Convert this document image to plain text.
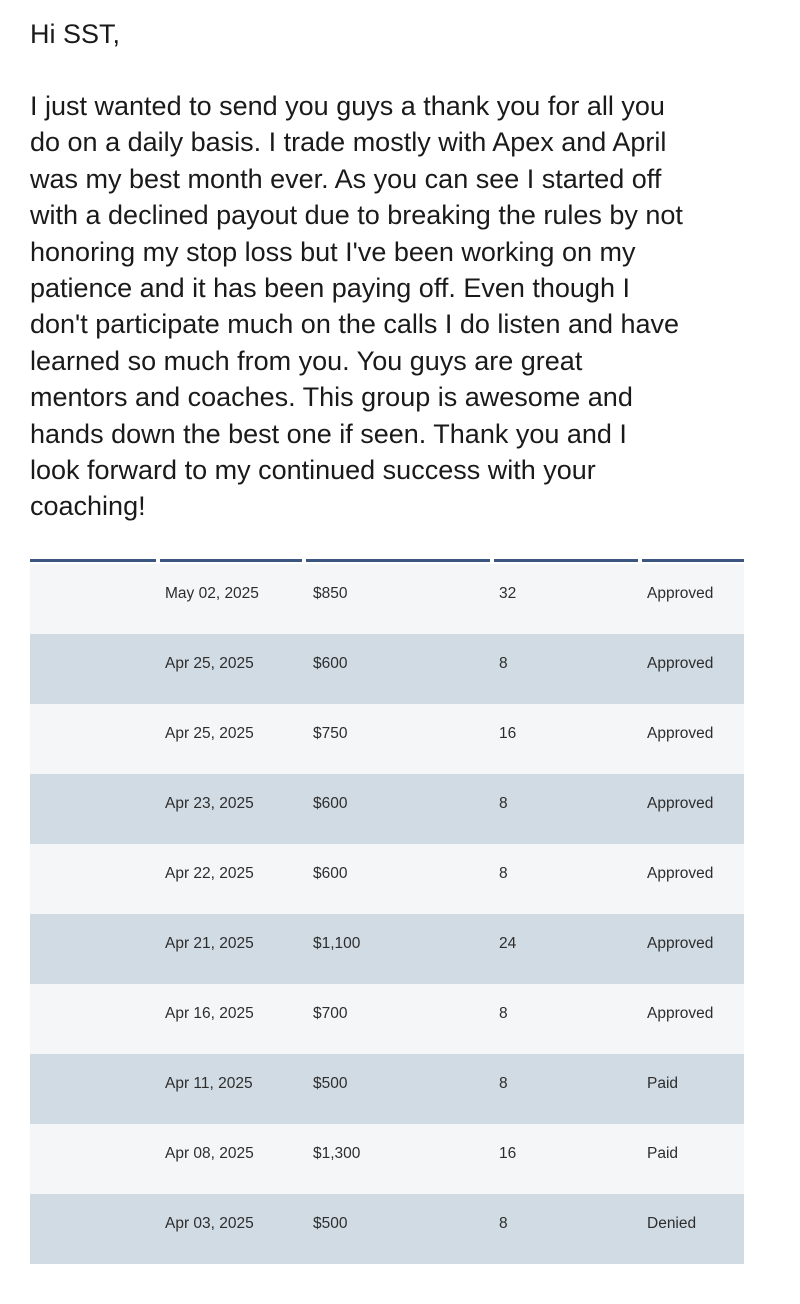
Hi SST,
I just wanted to send you guys a thank you for all you
do on a daily basis. I trade mostly with Apex and April
was my best month ever. As you can see I started off
with a declined payout due to breaking the rules by not
honoring my stop loss but I've been working on my
patience and it has been paying off. Even though I
don't participate much on the calls I do listen and have
learned so much from you. You guys are great
mentors and coaches. This group is awesome and
hands down the best one if seen. Thank you and I
look forward to my continued success with your
coaching!
May 02, 2025	$850	32	Approved
Apr 25, 2025	$600	8	Approved
Apr 25, 2025	$750	16	Approved
Apr 23, 2025	$600	8	Approved
Apr 22, 2025	$600	8	Approved
Apr 21, 2025	$1,100	24	Approved
Apr 16, 2025	$700	8	Approved
Apr 11, 2025	$500	8	Paid
Apr 08, 2025	$1,300	16	Paid
Apr 03, 2025	$500	8	Denied
